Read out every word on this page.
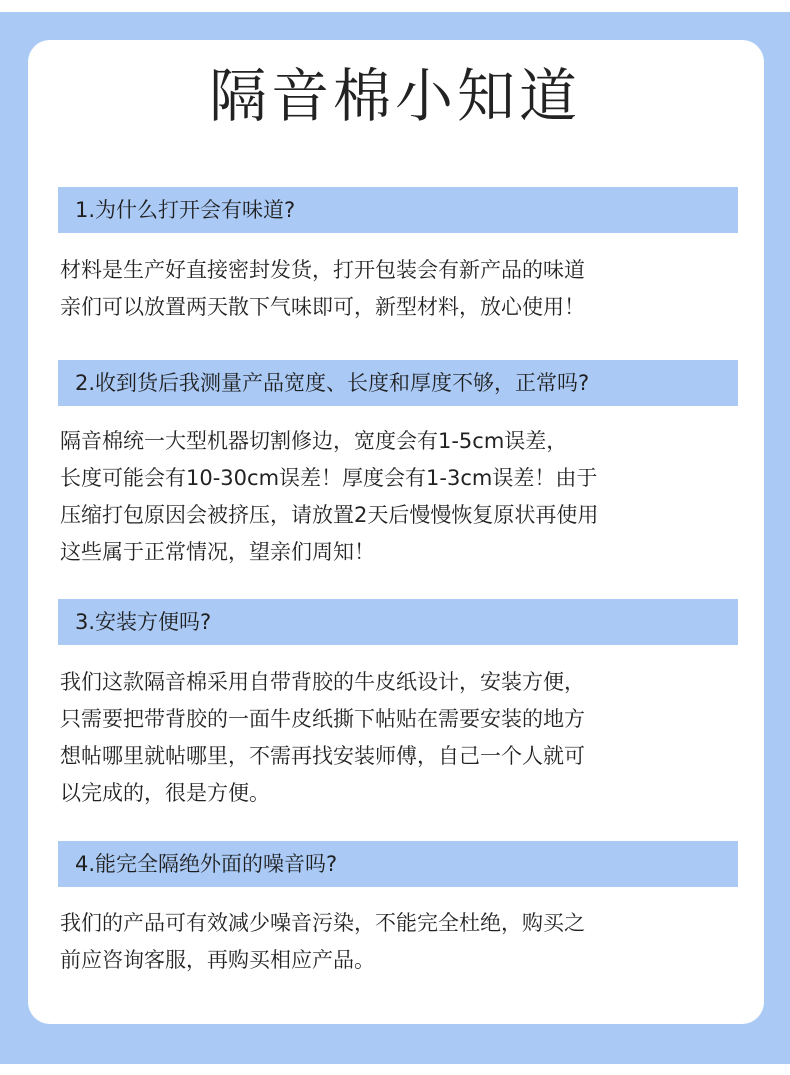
隔音棉小知道
1.为什么打开会有味道?
材料是生产好直接密封发货，打开包装会有新产品的味道
亲们可以放置两天散下气味即可，新型材料，放心使用！
2.收到货后我测量产品宽度、长度和厚度不够，正常吗?
隔音棉统一大型机器切割修边，宽度会有1-5cm误差，
长度可能会有10-30cm误差！厚度会有1-3cm误差！由于
压缩打包原因会被挤压，请放置2天后慢慢恢复原状再使用
这些属于正常情况，望亲们周知！
3.安装方便吗?
我们这款隔音棉采用自带背胶的牛皮纸设计，安装方便，
只需要把带背胶的一面牛皮纸撕下帖贴在需要安装的地方
想帖哪里就帖哪里，不需再找安装师傅，自己一个人就可
以完成的，很是方便。
4.能完全隔绝外面的噪音吗?
我们的产品可有效减少噪音污染，不能完全杜绝，购买之
前应咨询客服，再购买相应产品。
